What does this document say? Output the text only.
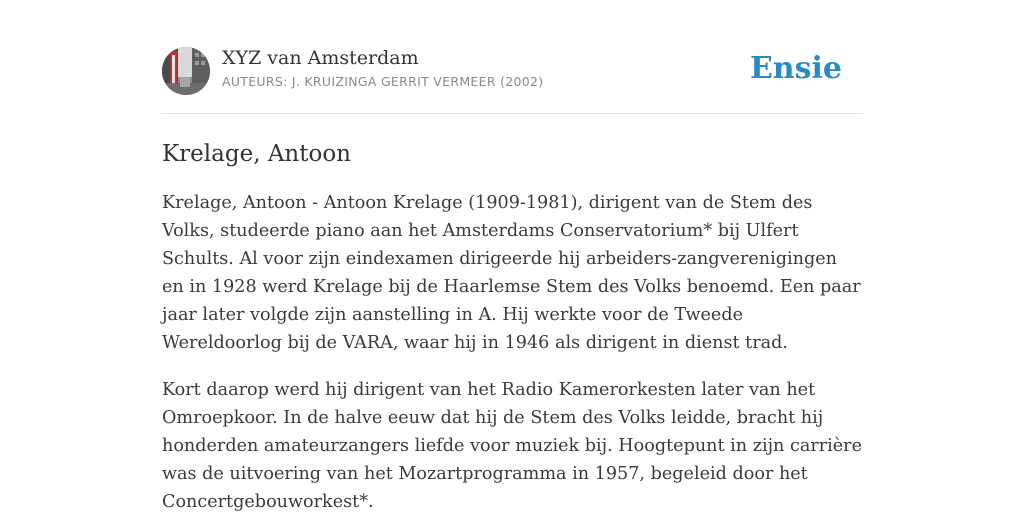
XYZ van Amsterdam
AUTEURS: J. KRUIZINGA GERRIT VERMEER (2002)	Ensie
Krelage, Antoon

Krelage, Antoon - Antoon Krelage (1909-1981), dirigent van de Stem des Volks, studeerde piano aan het Amsterdams Conservatorium* bij Ulfert Schults. Al voor zijn eindexamen dirigeerde hij arbeiders-zangverenigingen en in 1928 werd Krelage bij de Haarlemse Stem des Volks benoemd. Een paar jaar later volgde zijn aanstelling in A. Hij werkte voor de Tweede Wereldoorlog bij de VARA, waar hij in 1946 als dirigent in dienst trad.

Kort daarop werd hij dirigent van het Radio Kamerorkesten later van het Omroepkoor. In de halve eeuw dat hij de Stem des Volks leidde, bracht hij honderden amateurzangers liefde voor muziek bij. Hoogtepunt in zijn carrière was de uitvoering van het Mozartprogramma in 1957, begeleid door het Concertgebouworkest*.
